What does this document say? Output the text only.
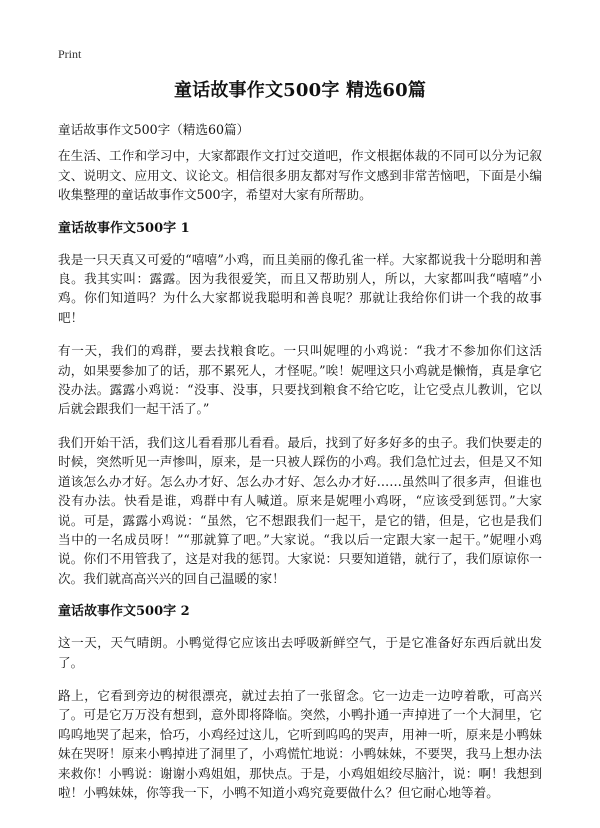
Print
童话故事作文500字 精选60篇
童话故事作文500字（精选60篇）

在生活、工作和学习中，大家都跟作文打过交道吧，作文根据体裁的不同可以分为记叙文、说明文、应用文、议论文。相信很多朋友都对写作文感到非常苦恼吧，下面是小编收集整理的童话故事作文500字，希望对大家有所帮助。

童话故事作文500字 1

我是一只天真又可爱的“嘻嘻”小鸡，而且美丽的像孔雀一样。大家都说我十分聪明和善良。我其实叫：露露。因为我很爱笑，而且又帮助别人，所以，大家都叫我“嘻嘻”小鸡。你们知道吗？为什么大家都说我聪明和善良呢？那就让我给你们讲一个我的故事吧！

有一天，我们的鸡群，要去找粮食吃。一只叫妮哩的小鸡说：“我才不参加你们这活动，如果要参加了的话，那不累死人，才怪呢。”唉！妮哩这只小鸡就是懒惰，真是拿它没办法。露露小鸡说：“没事、没事，只要找到粮食不给它吃，让它受点儿教训，它以后就会跟我们一起干活了。”

我们开始干活，我们这儿看看那儿看看。最后，找到了好多好多的虫子。我们快要走的时候，突然听见一声惨叫，原来，是一只被人踩伤的小鸡。我们急忙过去，但是又不知道该怎么办才好。怎么办才好、怎么办才好、怎么办才好……虽然叫了很多声，但谁也没有办法。快看是谁，鸡群中有人喊道。原来是妮哩小鸡呀，“应该受到惩罚。”大家说。可是，露露小鸡说：“虽然，它不想跟我们一起干，是它的错，但是，它也是我们当中的一名成员呀！”“那就算了吧。”大家说。“我以后一定跟大家一起干。”妮哩小鸡说。你们不用管我了，这是对我的惩罚。大家说：只要知道错，就行了，我们原谅你一次。我们就高高兴兴的回自己温暖的家！

童话故事作文500字 2

这一天，天气晴朗。小鸭觉得它应该出去呼吸新鲜空气，于是它准备好东西后就出发了。

路上，它看到旁边的树很漂亮，就过去拍了一张留念。它一边走一边哼着歌，可高兴了。可是它万万没有想到，意外即将降临。突然，小鸭扑通一声掉进了一个大洞里，它呜呜地哭了起来，恰巧，小鸡经过这儿，它听到呜呜的哭声，用神一听，原来是小鸭妹妹在哭呀！原来小鸭掉进了洞里了，小鸡慌忙地说：小鸭妹妹，不要哭，我马上想办法来救你！小鸭说：谢谢小鸡姐姐，那快点。于是，小鸡姐姐绞尽脑汁，说：啊！我想到啦！小鸭妹妹，你等我一下，小鸭不知道小鸡究竟要做什么？但它耐心地等着。
